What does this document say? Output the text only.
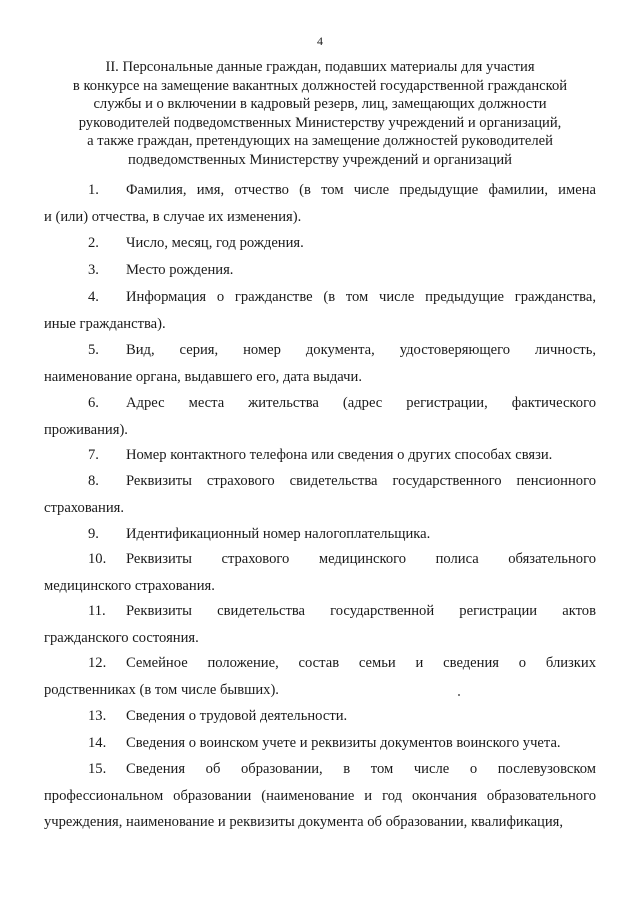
4
II. Персональные данные граждан, подавших материалы для участия
в конкурсе на замещение вакантных должностей государственной гражданской
службы и о включении в кадровый резерв, лиц, замещающих должности
руководителей подведомственных Министерству учреждений и организаций,
а также граждан, претендующих на замещение должностей руководителей
подведомственных Министерству учреждений и организаций
1.	Фамилия, имя, отчество (в том числе предыдущие фамилии, имена
и (или) отчества, в случае их изменения).
2.	Число, месяц, год рождения.
3.	Место рождения.
4.	Информация о гражданстве (в том числе предыдущие гражданства,
иные гражданства).
5.	Вид, серия, номер документа, удостоверяющего личность,
наименование органа, выдавшего его, дата выдачи.
6.	Адрес места жительства (адрес регистрации, фактического
проживания).
7.	Номер контактного телефона или сведения о других способах связи.
8.	Реквизиты страхового свидетельства государственного пенсионного
страхования.
9.	Идентификационный номер налогоплательщика.
10.	Реквизиты страхового медицинского полиса обязательного
медицинского страхования.
11.	Реквизиты свидетельства государственной регистрации актов
гражданского состояния.
12.	Семейное положение, состав семьи и сведения о близких
родственниках (в том числе бывших).
13.	Сведения о трудовой деятельности.
14.	Сведения о воинском учете и реквизиты документов воинского учета.
15.	Сведения об образовании, в том числе о послевузовском
профессиональном образовании (наименование и год окончания образовательного
учреждения, наименование и реквизиты документа об образовании, квалификация,
